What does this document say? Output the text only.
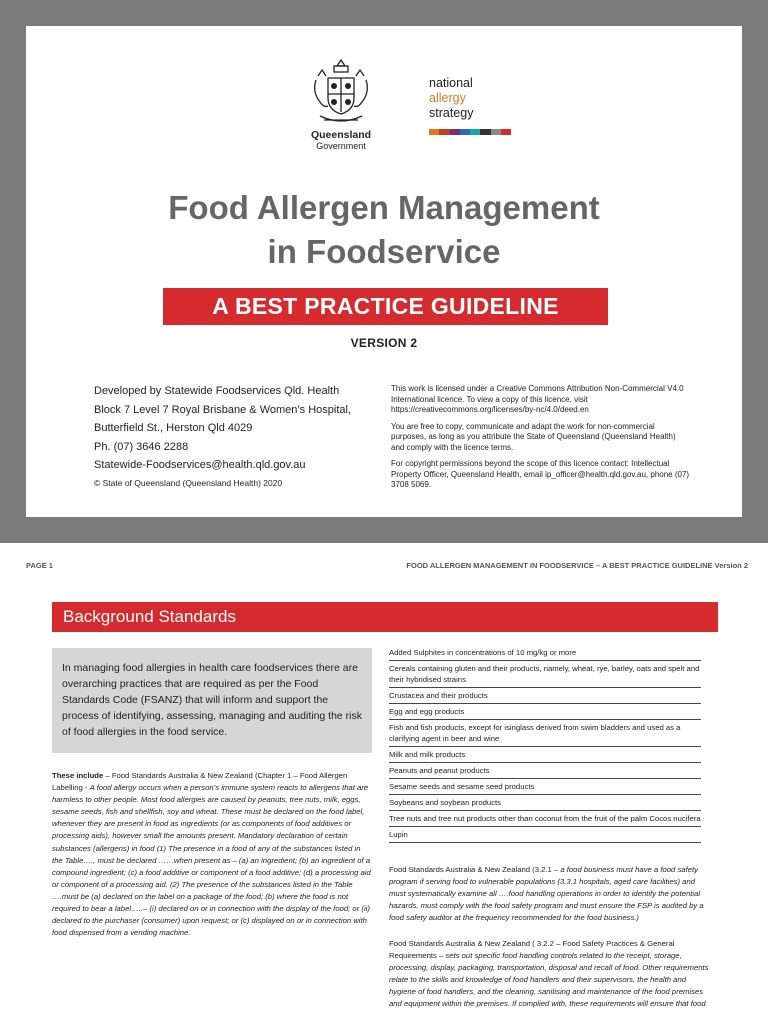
Queensland
Government
national
allergy
strategy
Food Allergen Management
in Foodservice
A BEST PRACTICE GUIDELINE
VERSION 2
Developed by Statewide Foodservices Qld. Health
Block 7 Level 7 Royal Brisbane & Women’s Hospital,
Butterfield St., Herston Qld 4029
Ph. (07) 3646 2288
Statewide-Foodservices@health.qld.gov.au
© State of Queensland (Queensland Health) 2020

This work is licensed under a Creative Commons Attribution Non-Commercial V4.0 International licence. To view a copy of this licence, visit https://creativecommons.org/licenses/by-nc/4.0/deed.en

You are free to copy, communicate and adapt the work for non-commercial purposes, as long as you attribute the State of Queensland (Queensland Health) and comply with the licence terms.

For copyright permissions beyond the scope of this licence contact: Intellectual Property Officer, Queensland Health, email ip_officer@health.qld.gov.au, phone (07) 3708 5069.

PAGE 1	FOOD ALLERGEN MANAGEMENT IN FOODSERVICE – A BEST PRACTICE GUIDELINE Version 2
Background Standards
In managing food allergies in health care foodservices there are overarching practices that are required as per the Food Standards Code (FSANZ) that will inform and support the process of identifying, assessing, managing and auditing the risk of food allergies in the food service.
These include – Food Standards Australia & New Zealand (Chapter 1 – Food Allergen Labelling - A food allergy occurs when a person’s immune system reacts to allergens that are harmless to other people. Most food allergies are caused by peanuts, tree nuts, milk, eggs, sesame seeds, fish and shellfish, soy and wheat. These must be declared on the food label, whenever they are present in food as ingredients (or as components of food additives or processing aids), however small the amounts present. Mandatory declaration of certain substances (allergens) in food (1) The presence in a food of any of the substances listed in the Table…., must be declared ……when present as – (a) an ingredient; (b) an ingredient of a compound ingredient; (c) a food additive or component of a food additive; (d) a processing aid or component of a processing aid. (2) The presence of the substances listed in the Table ….must be (a) declared on the label on a package of the food; (b) where the food is not required to bear a label…..– (i) declared on or in connection with the display of the food; or (ii) declared to the purchaser (consumer) upon request; or (c) displayed on or in connection with food dispensed from a vending machine.
Added Sulphites in concentrations of 10 mg/kg or more
Cereals containing gluten and their products, namely, wheat, rye, barley, oats and spelt and their hybridised strains
Crustacea and their products
Egg and egg products
Fish and fish products, except for isinglass derived from swim bladders and used as a clarifying agent in beer and wine
Milk and milk products
Peanuts and peanut products
Sesame seeds and sesame seed products
Soybeans and soybean products
Tree nuts and tree nut products other than coconut from the fruit of the palm Cocos nucifera
Lupin
Food Standards Australia & New Zealand (3.2.1 – a food business must have a food safety program if serving food to vulnerable populations (3.3.1 hospitals, aged care facilities) and must systematically examine all ….food handling operations in order to identify the potential hazards, must comply with the food safety program and must ensure the FSP is audited by a food safety auditor at the frequency recommended for the food business.)
Food Standards Australia & New Zealand ( 3.2.2 – Food Safety Practices & General Requirements – sets out specific food handling controls related to the receipt, storage, processing, display, packaging, transportation, disposal and recall of food. Other requirements relate to the skills and knowledge of food handlers and their supervisors, the health and hygiene of food handlers, and the cleaning, sanitising and maintenance of the food premises and equipment within the premises. If complied with, these requirements will ensure that food
